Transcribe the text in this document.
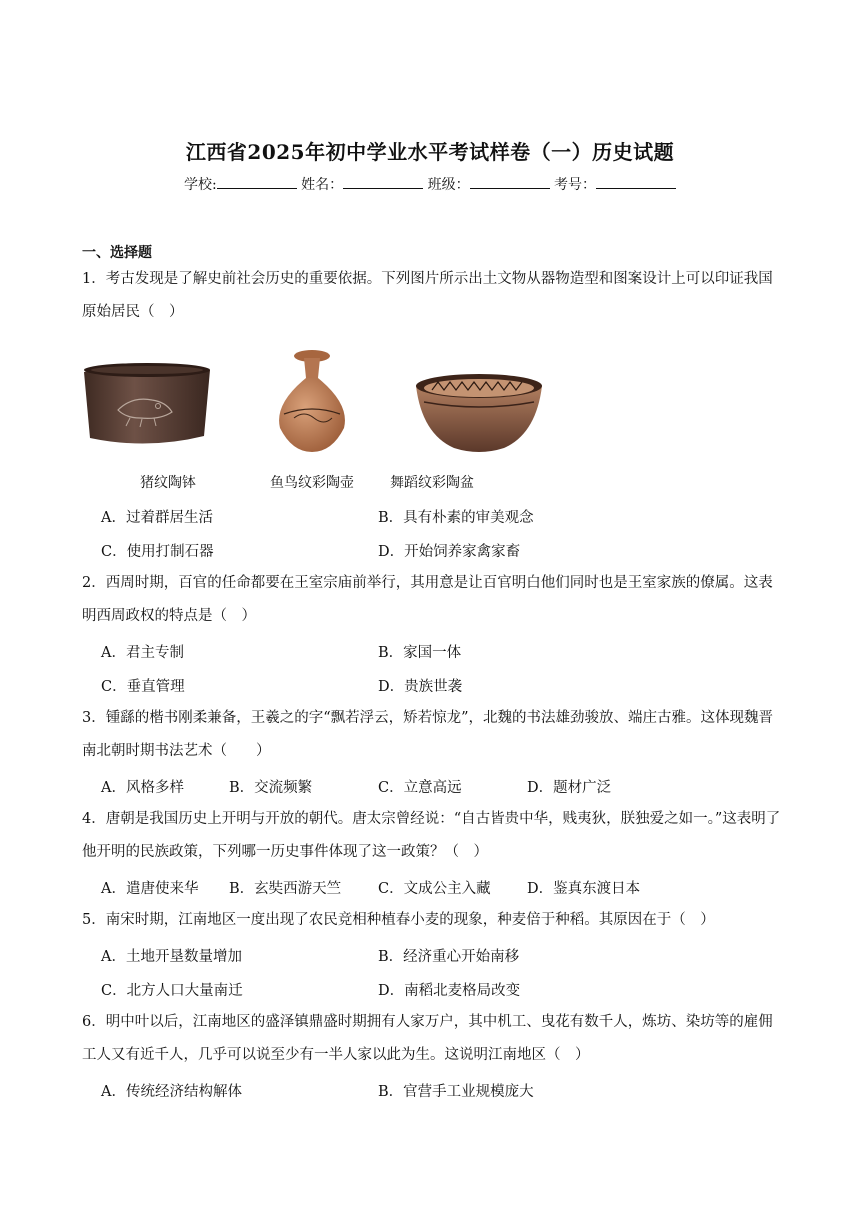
江西省2025年初中学业水平考试样卷（一）历史试题
学校:	姓名：	班级：	考号：
一、选择题
1．考古发现是了解史前社会历史的重要依据。下列图片所示出土文物从器物造型和图案设计上可以印证我国原始居民（　）
猪纹陶钵	鱼鸟纹彩陶壶	舞蹈纹彩陶盆
A．过着群居生活	B．具有朴素的审美观念
C．使用打制石器	D．开始饲养家禽家畜
2．西周时期，百官的任命都要在王室宗庙前举行，其用意是让百官明白他们同时也是王室家族的僚属。这表明西周政权的特点是（　）
A．君主专制	B．家国一体
C．垂直管理	D．贵族世袭
3．锺繇的楷书刚柔兼备，王羲之的字“飘若浮云，矫若惊龙”，北魏的书法雄劲骏放、端庄古雅。这体现魏晋南北朝时期书法艺术（　　）
A．风格多样	B．交流频繁	C．立意高远	D．题材广泛
4．唐朝是我国历史上开明与开放的朝代。唐太宗曾经说：“自古皆贵中华，贱夷狄，朕独爱之如一。”这表明了他开明的民族政策，下列哪一历史事件体现了这一政策？（　）
A．遣唐使来华 B．玄奘西游天竺	C．文成公主入藏	D．鉴真东渡日本
5．南宋时期，江南地区一度出现了农民竞相种植春小麦的现象，种麦倍于种稻。其原因在于（　）
A．土地开垦数量增加	B．经济重心开始南移
C．北方人口大量南迁	D．南稻北麦格局改变
6．明中叶以后，江南地区的盛泽镇鼎盛时期拥有人家万户，其中机工、曳花有数千人，炼坊、染坊等的雇佣工人又有近千人，几乎可以说至少有一半人家以此为生。这说明江南地区（　）
A．传统经济结构解体	B．官营手工业规模庞大
